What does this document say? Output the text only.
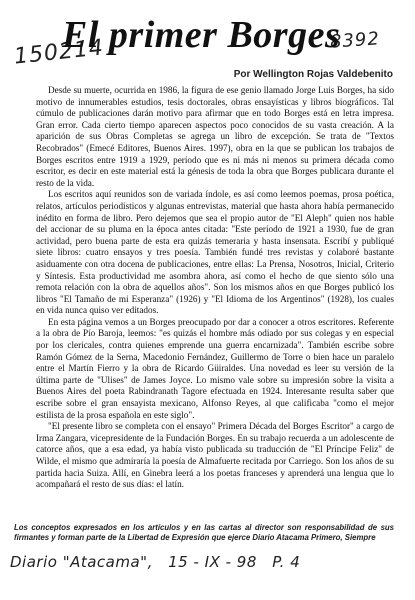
150214	8392
El primer Borges
Por Wellington Rojas Valdebenito

Desde su muerte, ocurrida en 1986, la figura de ese genio llamado Jorge Luis Borges, ha sido motivo de innumerables estudios, tesis doctorales, obras ensayísticas y libros biográficos. Tal cúmulo de publicaciones darán motivo para afirmar que en todo Borges está en letra impresa. Gran error. Cada cierto tiempo aparecen aspectos poco conocidos de su vasta creación. A la aparición de sus Obras Completas se agrega un libro de excepción. Se trata de "Textos Recobrados" (Emecé Editores, Buenos Aires. 1997), obra en la que se publican los trabajos de Borges escritos entre 1919 a 1929, período que es ni más ni menos su primera década como escritor, es decir en este material está la génesis de toda la obra que Borges publicara durante el resto de la vida.

Los escritos aquí reunidos son de variada índole, es así como leemos poemas, prosa poética, relatos, artículos periodísticos y algunas entrevistas, material que hasta ahora había permanecido inédito en forma de libro. Pero dejemos que sea el propio autor de "El Aleph" quien nos hable del accionar de su pluma en la época antes citada: "Este período de 1921 a 1930, fue de gran actividad, pero buena parte de esta era quizás temeraria y hasta insensata. Escribí y publiqué siete libros: cuatro ensayos y tres poesía. También fundé tres revistas y colaboré bastante asiduamente con otra docena de publicaciones, entre ellas: La Prensa, Nosotros, Inicial, Criterio y Síntesis. Esta productividad me asombra ahora, así como el hecho de que siento sólo una remota relación con la obra de aquellos años". Son los mismos años en que Borges publicó los libros "El Tamaño de mi Esperanza" (1926) y "El Idioma de los Argentinos" (1928), los cuales en vida nunca quiso ver editados.

En esta página vemos a un Borges preocupado por dar a conocer a otros escritores. Referente a la obra de Pío Baroja, leemos: "es quizás el hombre más odiado por sus colegas y en especial por los clericales, contra quienes emprende una guerra encarnizada". También escribe sobre Ramón Gómez de la Serna, Macedonio Fernández, Guillermo de Torre o bien hace un paralelo entre el Martín Fierro y la obra de Ricardo Güiraldes. Una novedad es leer su versión de la última parte de "Ulises" de James Joyce. Lo mismo vale sobre su impresión sobre la visita a Buenos Aires del poeta Rabindranath Tagore efectuada en 1924. Interesante resulta saber que escribe sobre el gran ensayista mexicano, Alfonso Reyes, al que calificaba "como el mejor estilista de la prosa española en este siglo".

"El presente libro se completa con el ensayo" Primera Década del Borges Escritor" a cargo de Irma Zangara, vicepresidente de la Fundación Borges. En su trabajo recuerda a un adolescente de catorce años, que a esa edad, ya había visto publicada su traducción de "El Príncipe Feliz" de Wilde, el mismo que admiraría la poesía de Almafuerte recitada por Carriego. Son los años de su partida hacia Suiza. Allí, en Ginebra leerá a los poetas franceses y aprenderá una lengua que lo acompañará el resto de sus días: el latín.

Los conceptos expresados en los artículos y en las cartas al director son responsabilidad de sus firmantes y forman parte de la Libertad de Expresión que ejerce Diario Atacama Primero, Siempre
Diario "Atacama", 15 - IX - 98 P. 4
